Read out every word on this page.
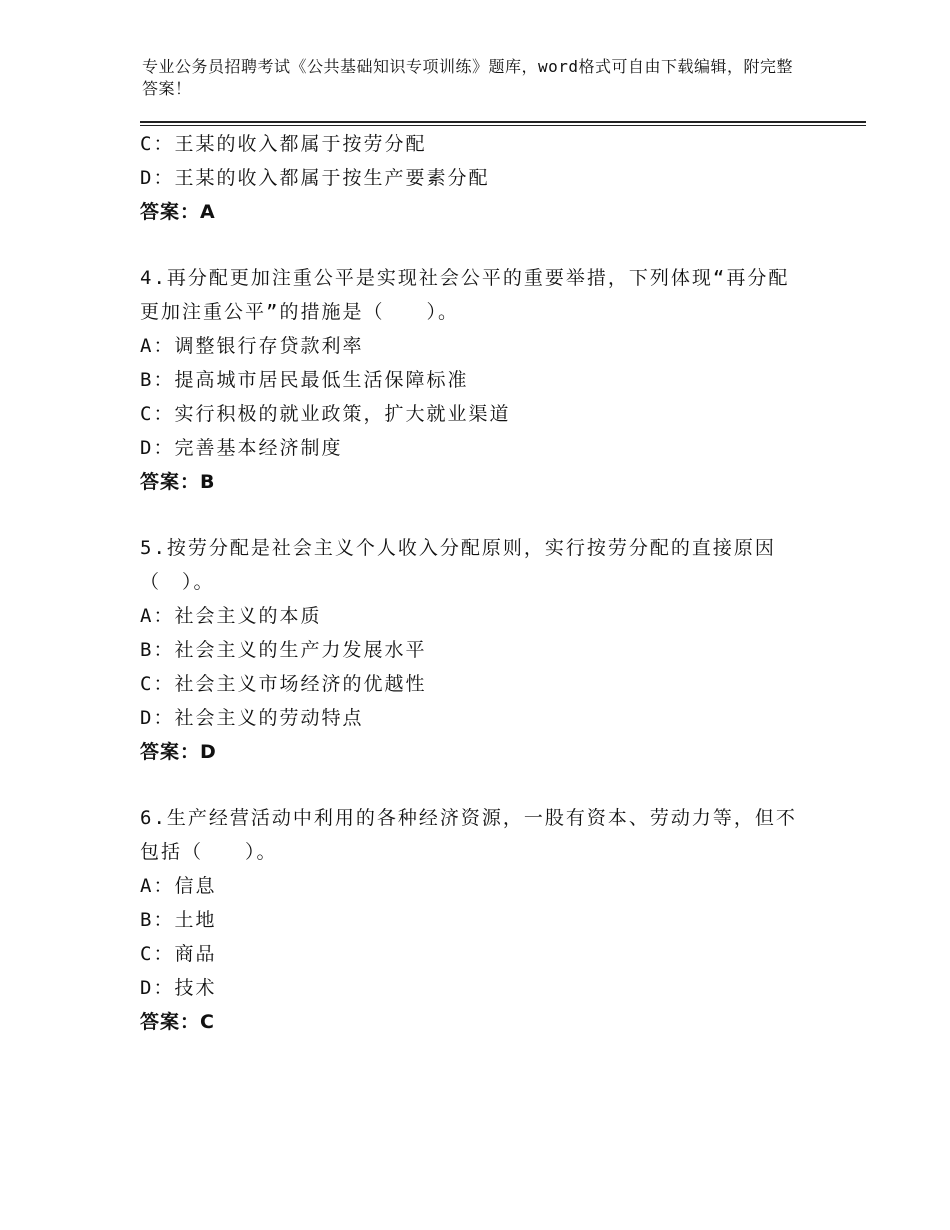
专业公务员招聘考试《公共基础知识专项训练》题库，word格式可自由下载编辑，附完整答案！
C：王某的收入都属于按劳分配
D：王某的收入都属于按生产要素分配
答案：A
4.再分配更加注重公平是实现社会公平的重要举措，下列体现“再分配更加注重公平”的措施是（　　）。
A：调整银行存贷款利率
B：提高城市居民最低生活保障标准
C：实行积极的就业政策，扩大就业渠道
D：完善基本经济制度
答案：B
5.按劳分配是社会主义个人收入分配原则，实行按劳分配的直接原因（　）。
A：社会主义的本质
B：社会主义的生产力发展水平
C：社会主义市场经济的优越性
D：社会主义的劳动特点
答案：D
6.生产经营活动中利用的各种经济资源，一股有资本、劳动力等，但不包括（　　）。
A：信息
B：土地
C：商品
D：技术
答案：C
